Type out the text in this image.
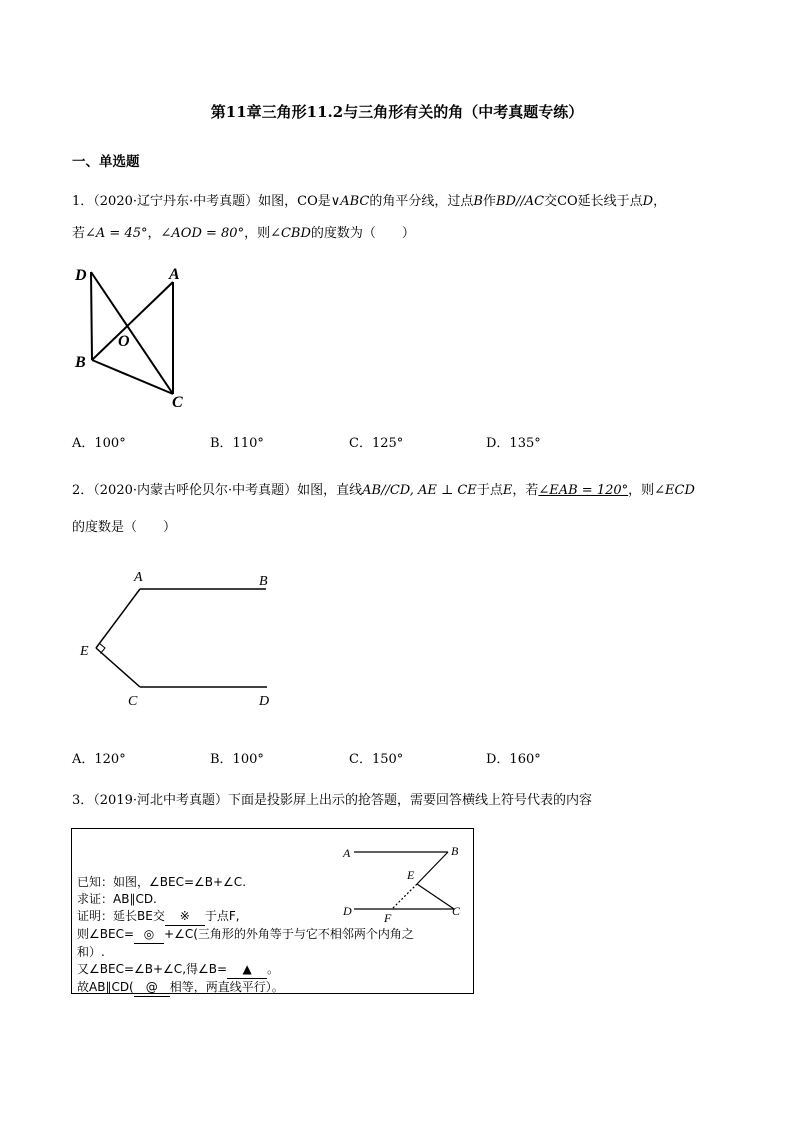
第11章三角形11.2与三角形有关的角（中考真题专练）
一、单选题
1．（2020·辽宁丹东·中考真题）如图，CO是∨ABC的角平分线，过点B作BD//AC交CO延长线于点D，
若∠A = 45°，∠AOD = 80°，则∠CBD的度数为（　　）
D	A
O
B
C
A．100°	B．110°	C．125°	D．135°
2．（2020·内蒙古呼伦贝尔·中考真题）如图，直线AB//CD, AE ⊥ CE于点E，若∠EAB = 120°，则∠ECD
的度数是（　　）
A	B
E
C	D
A．120°	B．100°	C．150°	D．160°
3．（2019·河北中考真题）下面是投影屏上出示的抢答题，需要回答横线上符号代表的内容
A	B
E
D	F	C
已知：如图，∠BEC=∠B+∠C.
求证：AB∥CD.
证明：延长BE交 ※ 于点F,
则∠BEC= ◎ +∠C(三角形的外角等于与它不相邻两个内角之
和）.
又∠BEC=∠B+∠C,得∠B= ▲ 。
故AB∥CD( @ 相等，两直线平行）。
